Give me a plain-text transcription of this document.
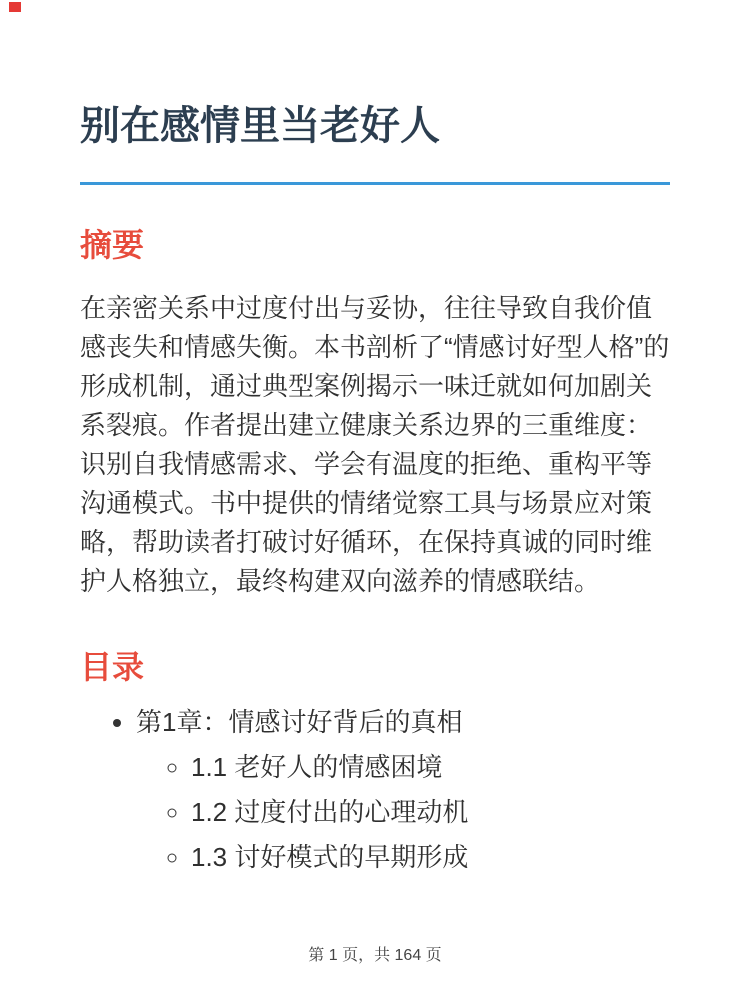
别在感情里当老好人
摘要

在亲密关系中过度付出与妥协，往往导致自我价值感丧失和情感失衡。本书剖析了“情感讨好型人格”的形成机制，通过典型案例揭示一味迁就如何加剧关系裂痕。作者提出建立健康关系边界的三重维度：识别自我情感需求、学会有温度的拒绝、重构平等沟通模式。书中提供的情绪觉察工具与场景应对策略，帮助读者打破讨好循环，在保持真诚的同时维护人格独立，最终构建双向滋养的情感联结。

目录
• 第1章：情感讨好背后的真相
◦ 1.1 老好人的情感困境
◦ 1.2 过度付出的心理动机
◦ 1.3 讨好模式的早期形成
第 1 页，共 164 页
